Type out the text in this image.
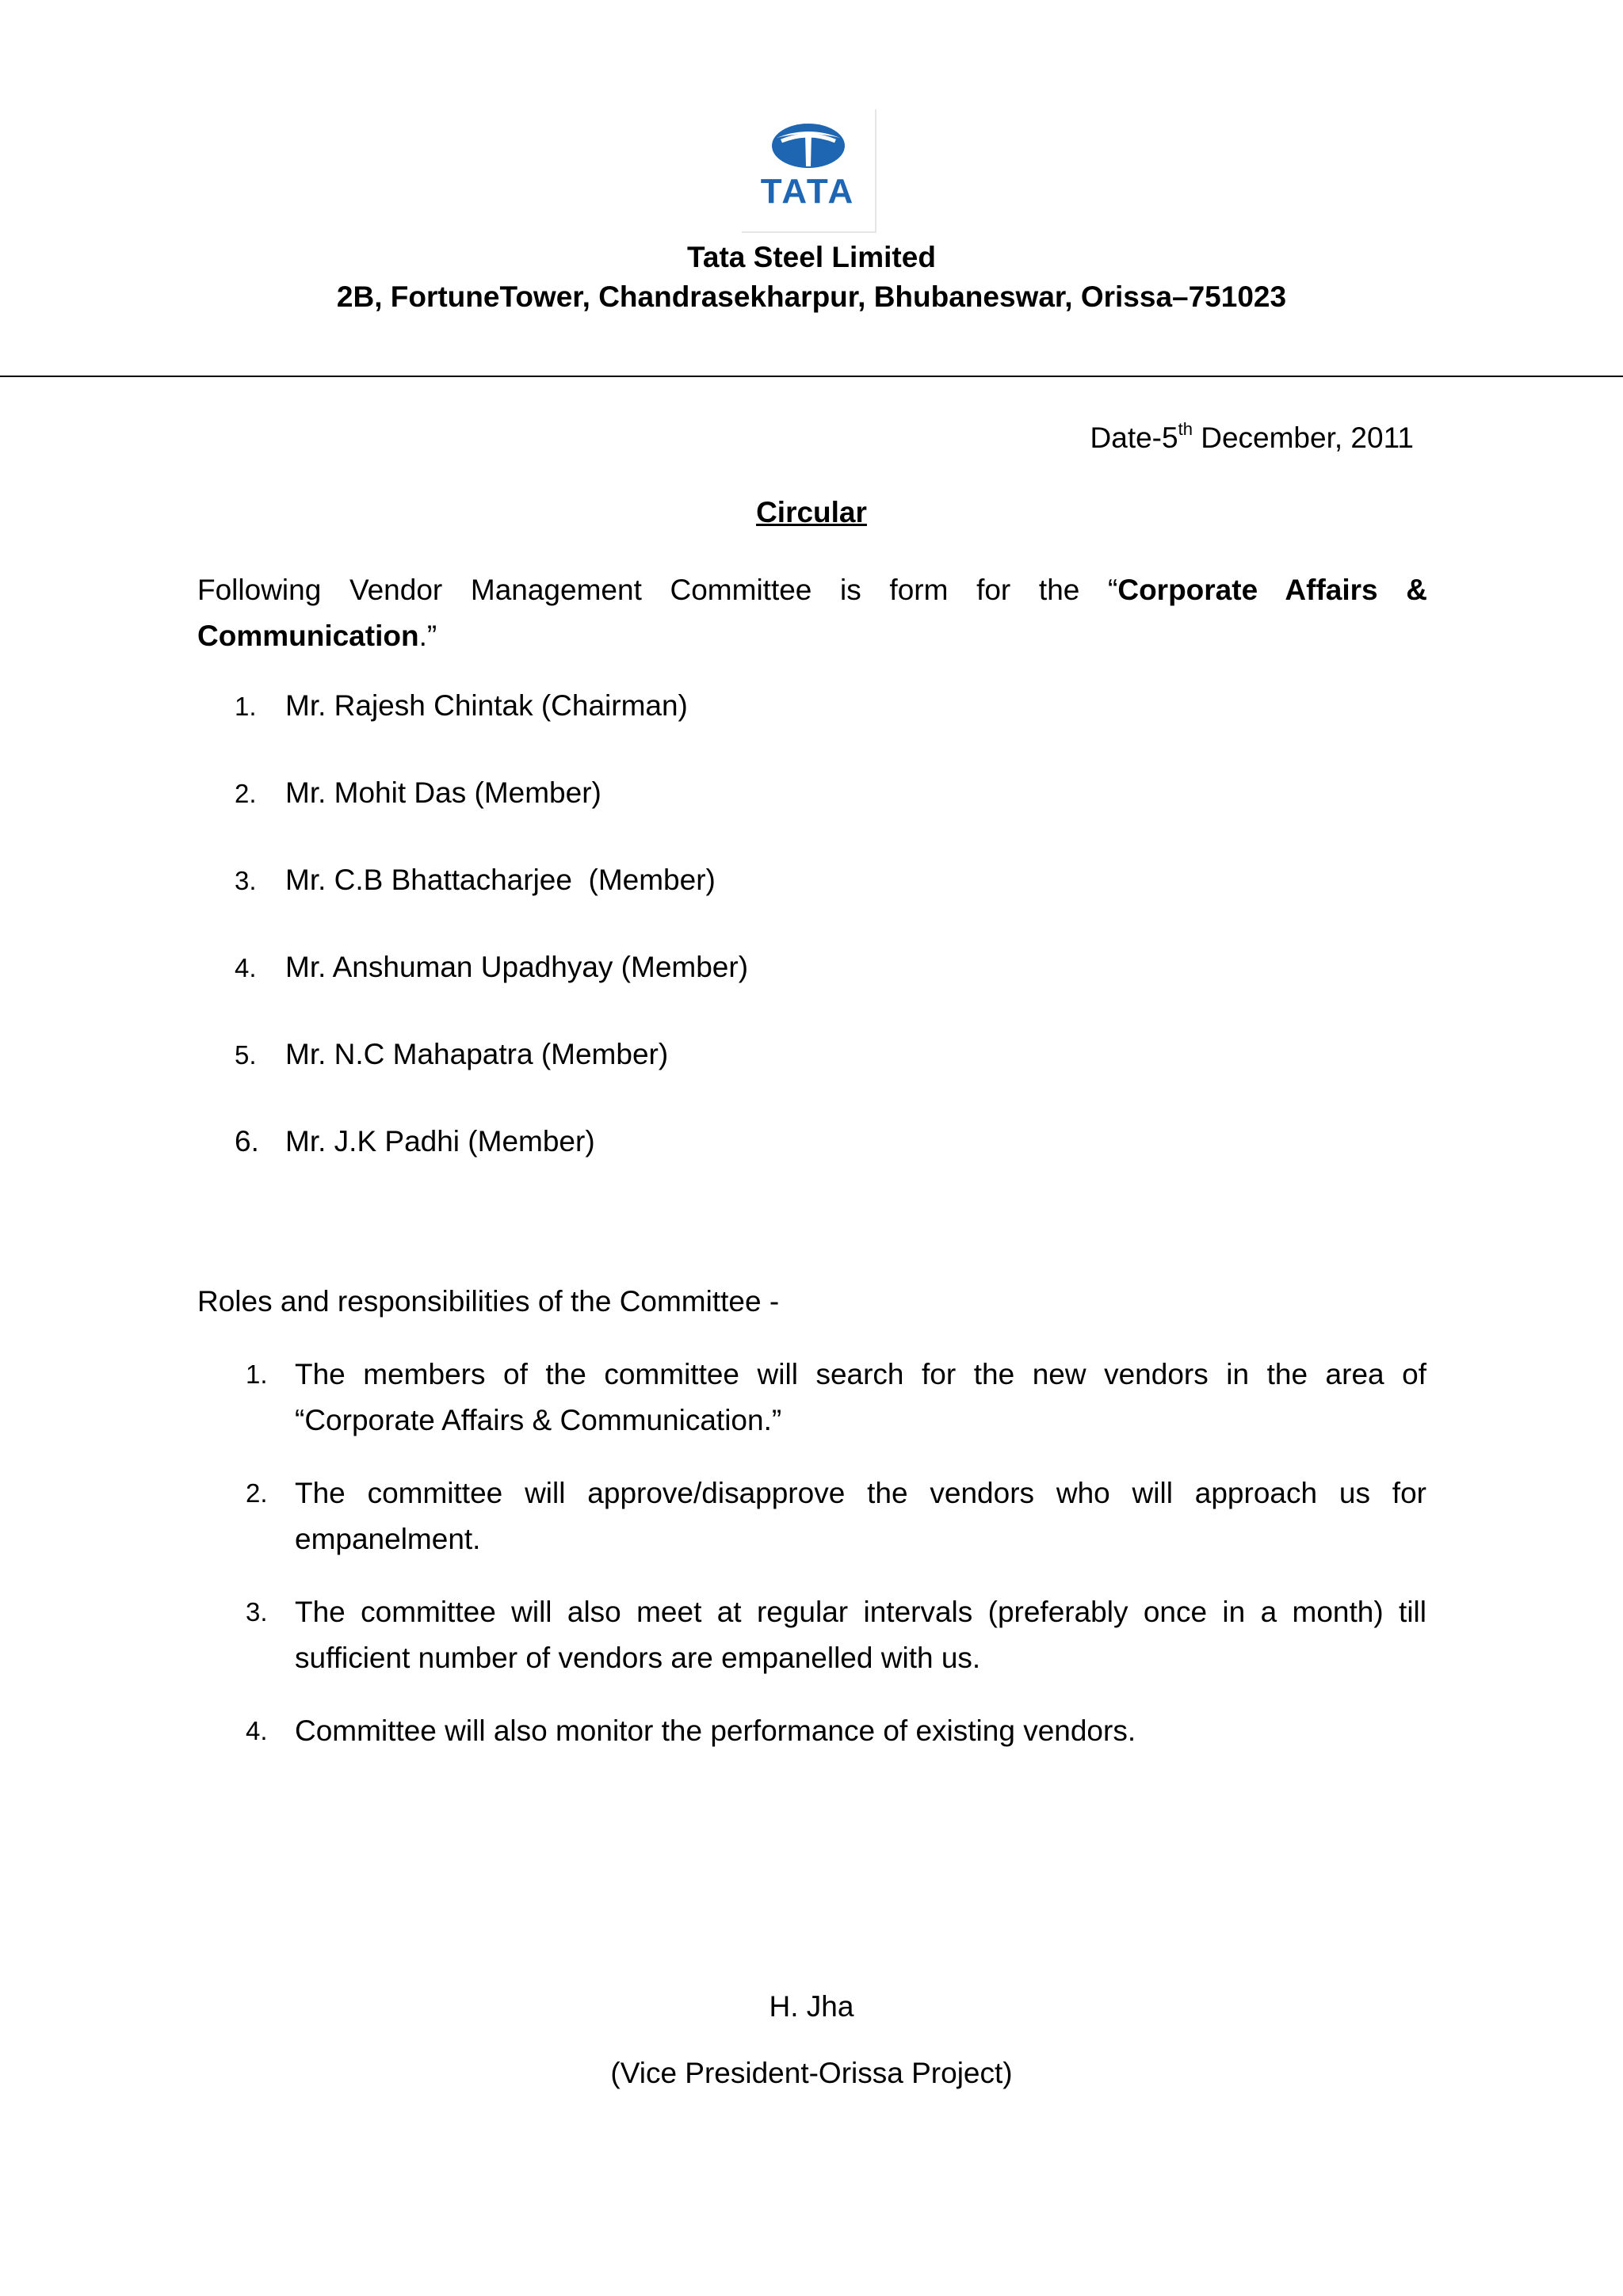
TATA
Tata Steel Limited
2B, FortuneTower, Chandrasekharpur, Bhubaneswar, Orissa–751023
Date-5th December, 2011
Circular

Following Vendor Management Committee is form for the “Corporate Affairs & Communication.”

1. Mr. Rajesh Chintak (Chairman)
2. Mr. Mohit Das (Member)
3. Mr. C.B Bhattacharjee  (Member)
4. Mr. Anshuman Upadhyay (Member)
5. Mr. N.C Mahapatra (Member)
6. Mr. J.K Padhi (Member)
Roles and responsibilities of the Committee -
1. The members of the committee will search for the new vendors in the area of “Corporate Affairs & Communication.”
2. The committee will approve/disapprove the vendors who will approach us for empanelment.
3. The committee will also meet at regular intervals (preferably once in a month) till sufficient number of vendors are empanelled with us.
4. Committee will also monitor the performance of existing vendors.
H. Jha
(Vice President-Orissa Project)
